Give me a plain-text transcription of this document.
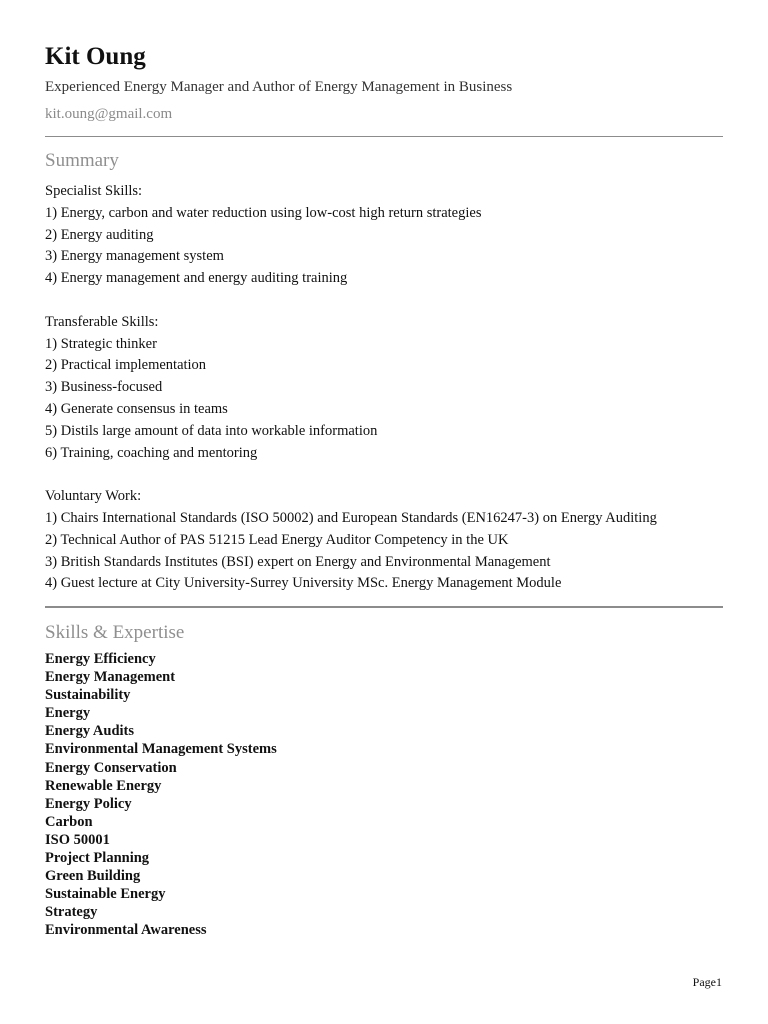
Kit Oung
Experienced Energy Manager and Author of Energy Management in Business
kit.oung@gmail.com
Summary
Specialist Skills:
1) Energy, carbon and water reduction using low-cost high return strategies
2) Energy auditing
3) Energy management system
4) Energy management and energy auditing training
Transferable Skills:
1) Strategic thinker
2) Practical implementation
3) Business-focused
4) Generate consensus in teams
5) Distils large amount of data into workable information
6) Training, coaching and mentoring
Voluntary Work:
1) Chairs International Standards (ISO 50002) and European Standards (EN16247-3) on Energy Auditing
2) Technical Author of PAS 51215 Lead Energy Auditor Competency in the UK
3) British Standards Institutes (BSI) expert on Energy and Environmental Management
4) Guest lecture at City University-Surrey University MSc. Energy Management Module
Skills & Expertise
Energy Efficiency
Energy Management
Sustainability
Energy
Energy Audits
Environmental Management Systems
Energy Conservation
Renewable Energy
Energy Policy
Carbon
ISO 50001
Project Planning
Green Building
Sustainable Energy
Strategy
Environmental Awareness
Page1
